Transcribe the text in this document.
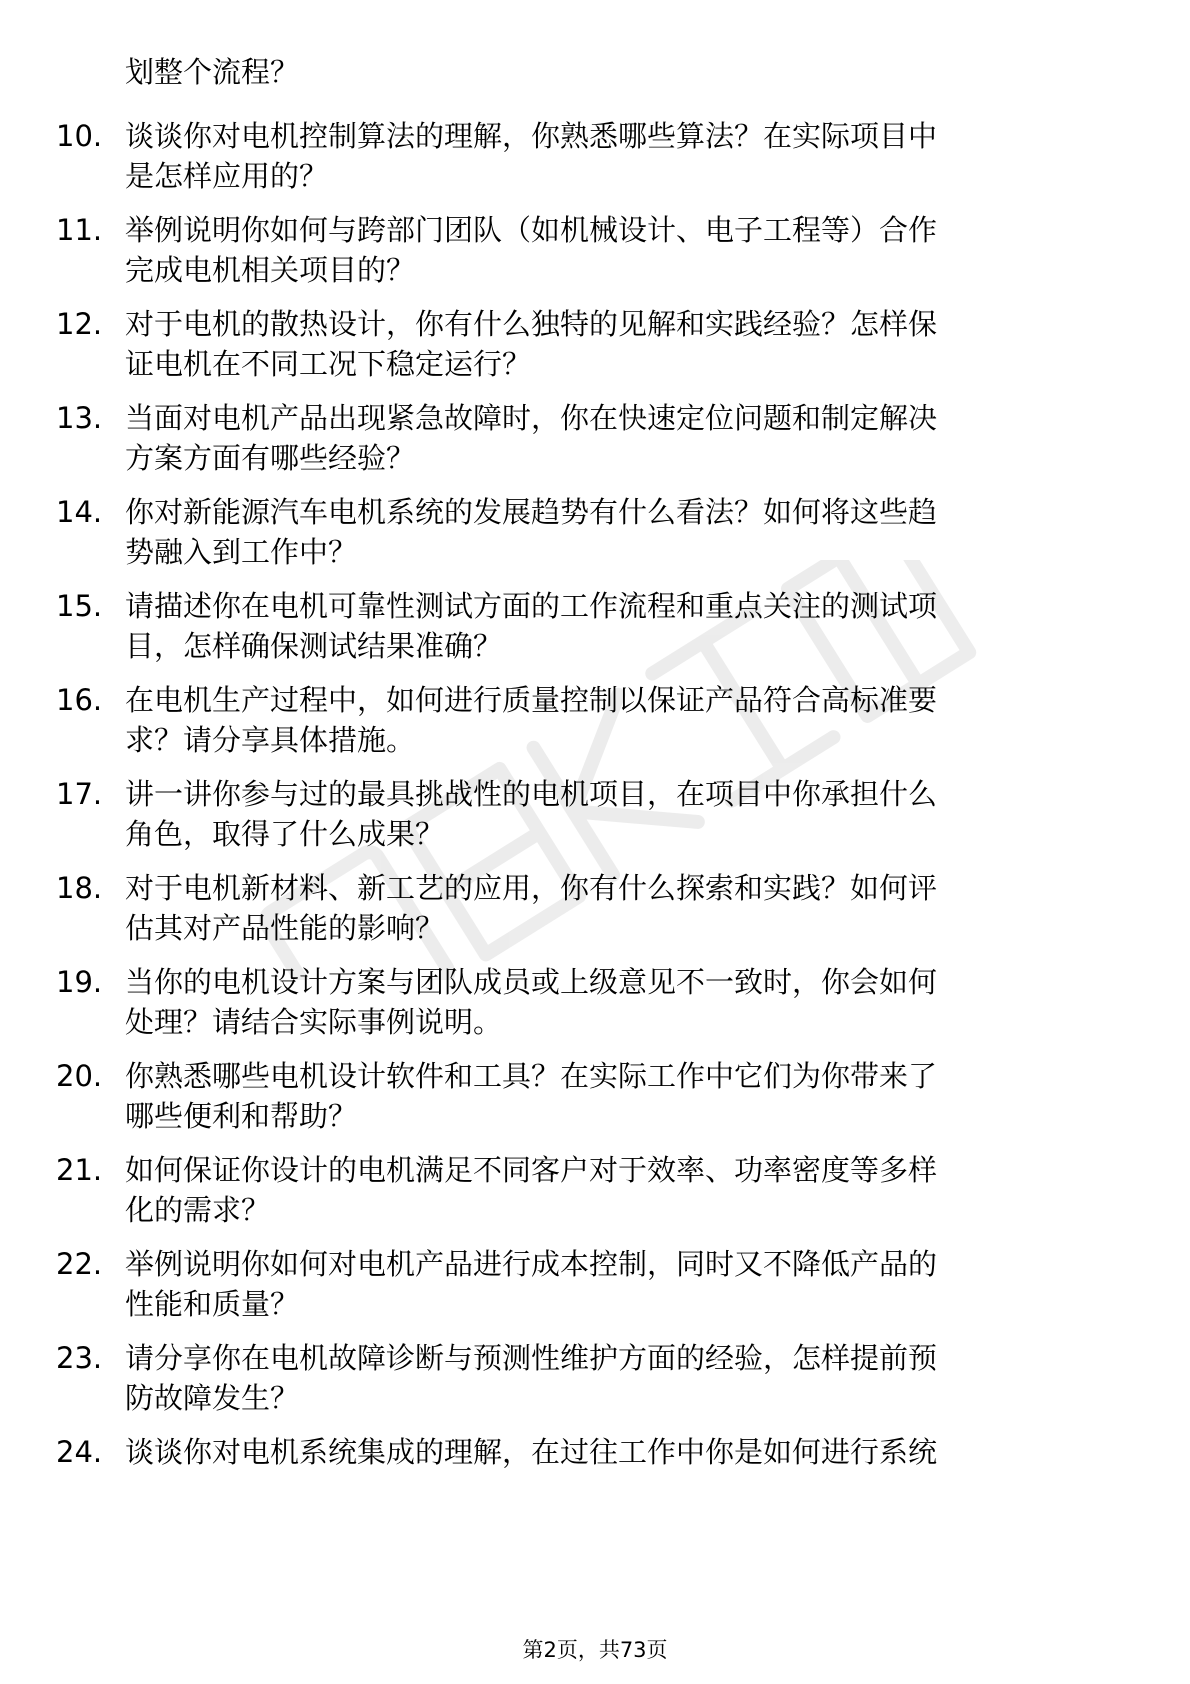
划整个流程？
10. 谈谈你对电机控制算法的理解，你熟悉哪些算法？在实际项目中
是怎样应用的？
11. 举例说明你如何与跨部门团队（如机械设计、电子工程等）合作
完成电机相关项目的？
12. 对于电机的散热设计，你有什么独特的见解和实践经验？怎样保
证电机在不同工况下稳定运行？
13. 当面对电机产品出现紧急故障时，你在快速定位问题和制定解决
方案方面有哪些经验？
14. 你对新能源汽车电机系统的发展趋势有什么看法？如何将这些趋
势融入到工作中？
15. 请描述你在电机可靠性测试方面的工作流程和重点关注的测试项
目，怎样确保测试结果准确？
16. 在电机生产过程中，如何进行质量控制以保证产品符合高标准要
求？请分享具体措施。
17. 讲一讲你参与过的最具挑战性的电机项目，在项目中你承担什么
角色，取得了什么成果？
18. 对于电机新材料、新工艺的应用，你有什么探索和实践？如何评
估其对产品性能的影响？
19. 当你的电机设计方案与团队成员或上级意见不一致时，你会如何
处理？请结合实际事例说明。
20. 你熟悉哪些电机设计软件和工具？在实际工作中它们为你带来了
哪些便利和帮助？
21. 如何保证你设计的电机满足不同客户对于效率、功率密度等多样
化的需求？
22. 举例说明你如何对电机产品进行成本控制，同时又不降低产品的
性能和质量？
23. 请分享你在电机故障诊断与预测性维护方面的经验，怎样提前预
防故障发生？
24. 谈谈你对电机系统集成的理解，在过往工作中你是如何进行系统
第2页，共73页
